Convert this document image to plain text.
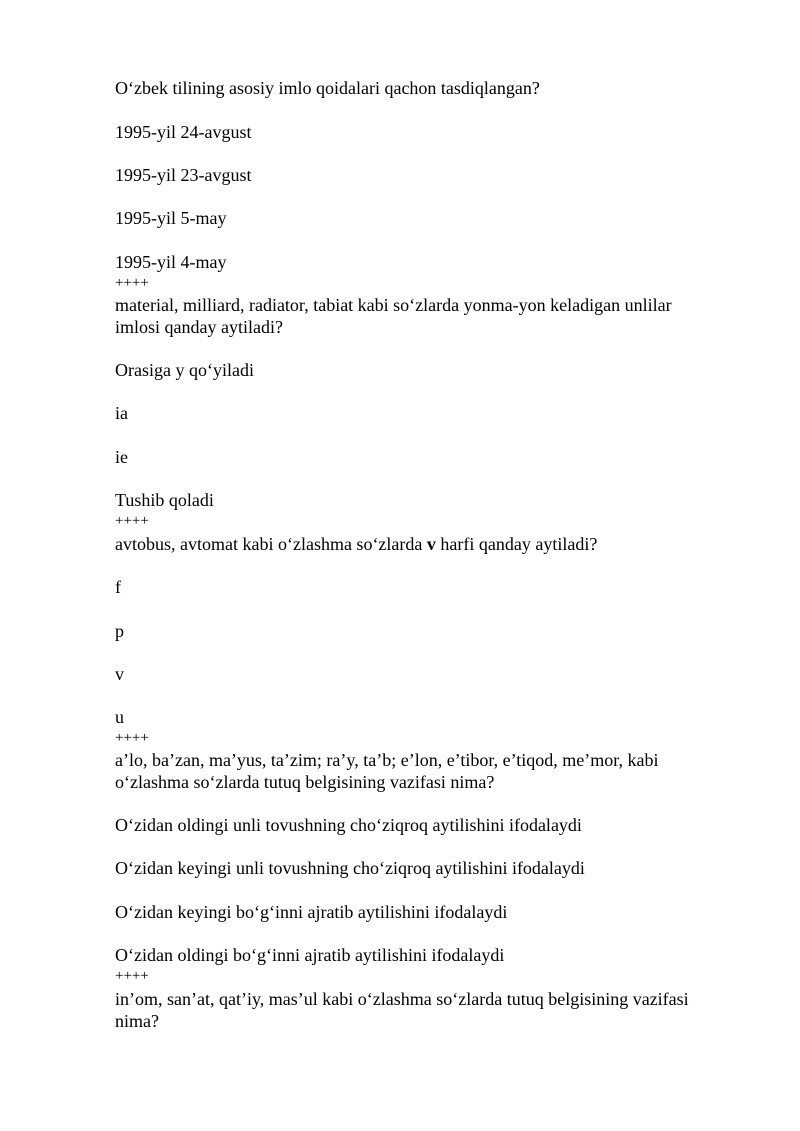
O‘zbek tilining asosiy imlo qoidalari qachon tasdiqlangan?
1995-yil 24-avgust
1995-yil 23-avgust
1995-yil 5-may
1995-yil 4-may
++++
material, milliard, radiator, tabiat kabi so‘zlarda yonma-yon keladigan unlilar
imlosi qanday aytiladi?
Orasiga y qo‘yiladi
ia
ie
Tushib qoladi
++++
avtobus, avtomat kabi o‘zlashma so‘zlarda v harfi qanday aytiladi?
f
p
v
u
++++
a’lo, ba’zan, ma’yus, ta’zim; ra’y, ta’b; e’lon, e’tibor, e’tiqod, me’mor, kabi
o‘zlashma so‘zlarda tutuq belgisining vazifasi nima?
O‘zidan oldingi unli tovushning cho‘ziqroq aytilishini ifodalaydi
O‘zidan keyingi unli tovushning cho‘ziqroq aytilishini ifodalaydi
O‘zidan keyingi bo‘g‘inni ajratib aytilishini ifodalaydi
O‘zidan oldingi bo‘g‘inni ajratib aytilishini ifodalaydi
++++
in’om, san’at, qat’iy, mas’ul kabi o‘zlashma so‘zlarda tutuq belgisining vazifasi
nima?
